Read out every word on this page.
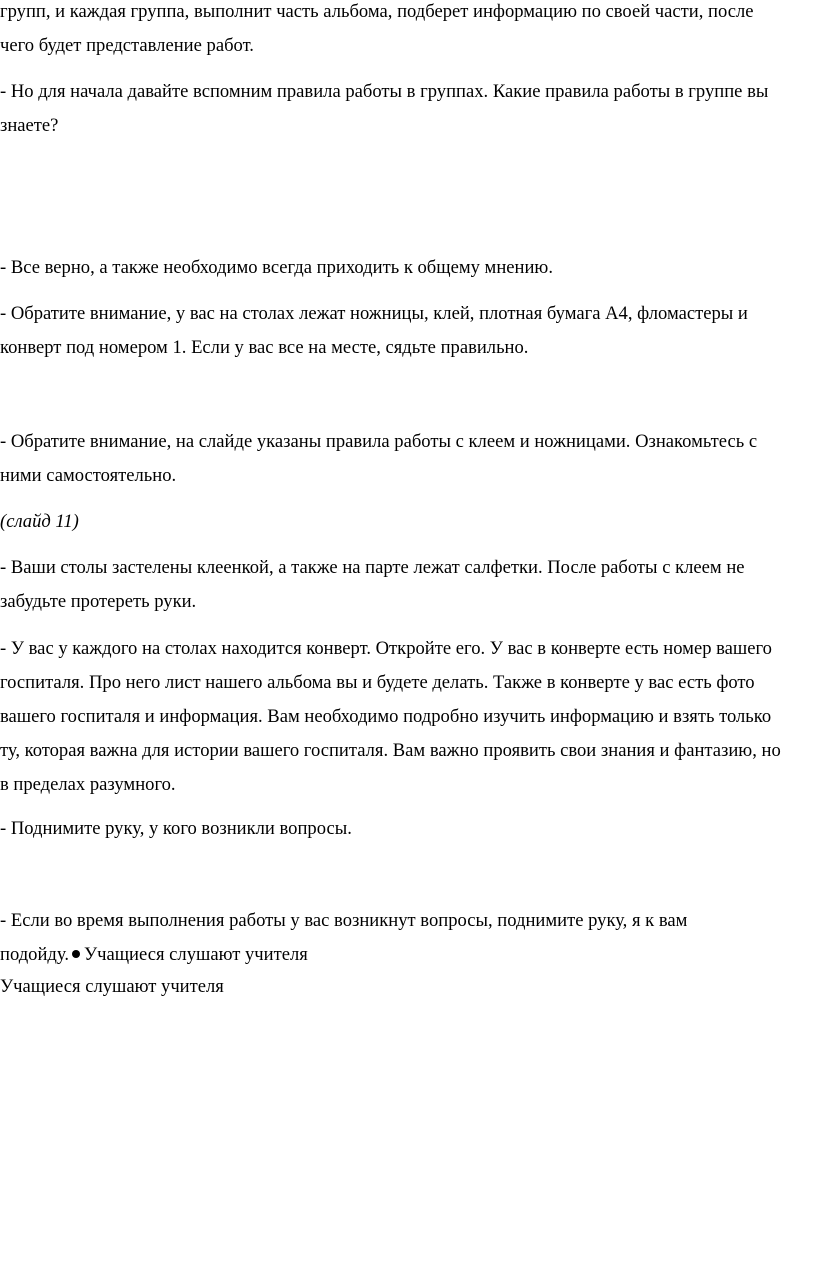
групп, и каждая группа, выполнит часть альбома, подберет информацию по своей части, после
чего будет представление работ.

- Но для начала давайте вспомним правила работы в группах. Какие правила работы в группе вы
знаете?

- Все верно, а также необходимо всегда приходить к общему мнению.

- Обратите внимание, у вас на столах лежат ножницы, клей, плотная бумага А4, фломастеры и
конверт под номером 1. Если у вас все на месте, сядьте правильно.

- Обратите внимание, на слайде указаны правила работы с клеем и ножницами. Ознакомьтесь с
ними самостоятельно.

(слайд 11)

- Ваши столы застелены клеенкой, а также на парте лежат салфетки. После работы с клеем не
забудьте протереть руки.

- У вас у каждого на столах находится конверт. Откройте его. У вас в конверте есть номер вашего
госпиталя. Про него лист нашего альбома вы и будете делать. Также в конверте у вас есть фото
вашего госпиталя и информация. Вам необходимо подробно изучить информацию и взять только
ту, которая важна для истории вашего госпиталя. Вам важно проявить свои знания и фантазию, но
в пределах разумного.

- Поднимите руку, у кого возникли вопросы.

- Если во время выполнения работы у вас возникнут вопросы, поднимите руку, я к вам
подойду. Учащиеся слушают учителя

Учащиеся слушают учителя
